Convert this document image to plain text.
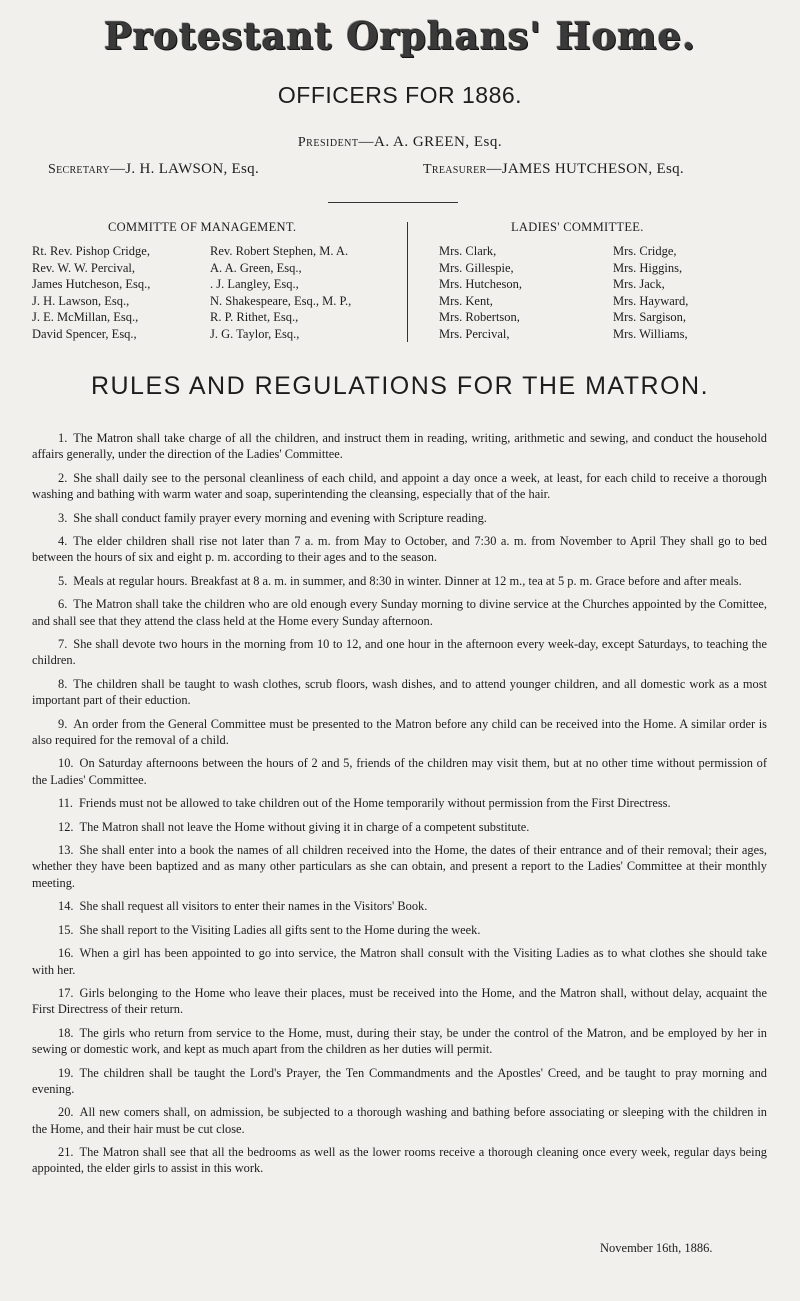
Protestant Orphans' Home.
OFFICERS FOR 1886.
President—A. A. GREEN, Esq.
Secretary—J. H. LAWSON, Esq.	Treasurer—JAMES HUTCHESON, Esq.
COMMITTE OF MANAGEMENT.	LADIES' COMMITTEE.
Rt. Rev. Pishop Cridge,
Rev. W. W. Percival,
James Hutcheson, Esq.,
J. H. Lawson, Esq.,
J. E. McMillan, Esq.,
David Spencer, Esq.,
Rev. Robert Stephen, M. A.
A. A. Green, Esq.,
. J. Langley, Esq.,
N. Shakespeare, Esq., M. P.,
R. P. Rithet, Esq.,
J. G. Taylor, Esq.,
Mrs. Clark,
Mrs. Gillespie,
Mrs. Hutcheson,
Mrs. Kent,
Mrs. Robertson,
Mrs. Percival,
Mrs. Cridge,
Mrs. Higgins,
Mrs. Jack,
Mrs. Hayward,
Mrs. Sargison,
Mrs. Williams,
RULES AND REGULATIONS FOR THE MATRON.

1. The Matron shall take charge of all the children, and instruct them in reading, writing, arithmetic and sewing, and conduct the household affairs generally, under the direction of the Ladies' Committee.

2. She shall daily see to the personal cleanliness of each child, and appoint a day once a week, at least, for each child to receive a thorough washing and bathing with warm water and soap, superintending the cleansing, especially that of the hair.

3. She shall conduct family prayer every morning and evening with Scripture reading.

4. The elder children shall rise not later than 7 a. m. from May to October, and 7:30 a. m. from November to April They shall go to bed between the hours of six and eight p. m. according to their ages and to the season.

5. Meals at regular hours. Breakfast at 8 a. m. in summer, and 8:30 in winter. Dinner at 12 m., tea at 5 p. m. Grace before and after meals.

6. The Matron shall take the children who are old enough every Sunday morning to divine service at the Churches appointed by the Comittee, and shall see that they attend the class held at the Home every Sunday afternoon.

7. She shall devote two hours in the morning from 10 to 12, and one hour in the afternoon every week-day, except Saturdays, to teaching the children.

8. The children shall be taught to wash clothes, scrub floors, wash dishes, and to attend younger children, and all domestic work as a most important part of their eduction.

9. An order from the General Committee must be presented to the Matron before any child can be received into the Home. A similar order is also required for the removal of a child.

10. On Saturday afternoons between the hours of 2 and 5, friends of the children may visit them, but at no other time without permission of the Ladies' Committee.

11. Friends must not be allowed to take children out of the Home temporarily without permission from the First Directress.

12. The Matron shall not leave the Home without giving it in charge of a competent substitute.

13. She shall enter into a book the names of all children received into the Home, the dates of their entrance and of their removal; their ages, whether they have been baptized and as many other particulars as she can obtain, and present a report to the Ladies' Committee at their monthly meeting.

14. She shall request all visitors to enter their names in the Visitors' Book.

15. She shall report to the Visiting Ladies all gifts sent to the Home during the week.

16. When a girl has been appointed to go into service, the Matron shall consult with the Visiting Ladies as to what clothes she should take with her.

17. Girls belonging to the Home who leave their places, must be received into the Home, and the Matron shall, without delay, acquaint the First Directress of their return.

18. The girls who return from service to the Home, must, during their stay, be under the control of the Matron, and be employed by her in sewing or domestic work, and kept as much apart from the children as her duties will permit.

19. The children shall be taught the Lord's Prayer, the Ten Commandments and the Apostles' Creed, and be taught to pray morning and evening.

20. All new comers shall, on admission, be subjected to a thorough washing and bathing before associating or sleeping with the children in the Home, and their hair must be cut close.

21. The Matron shall see that all the bedrooms as well as the lower rooms receive a thorough cleaning once every week, regular days being appointed, the elder girls to assist in this work.

November 16th, 1886.
